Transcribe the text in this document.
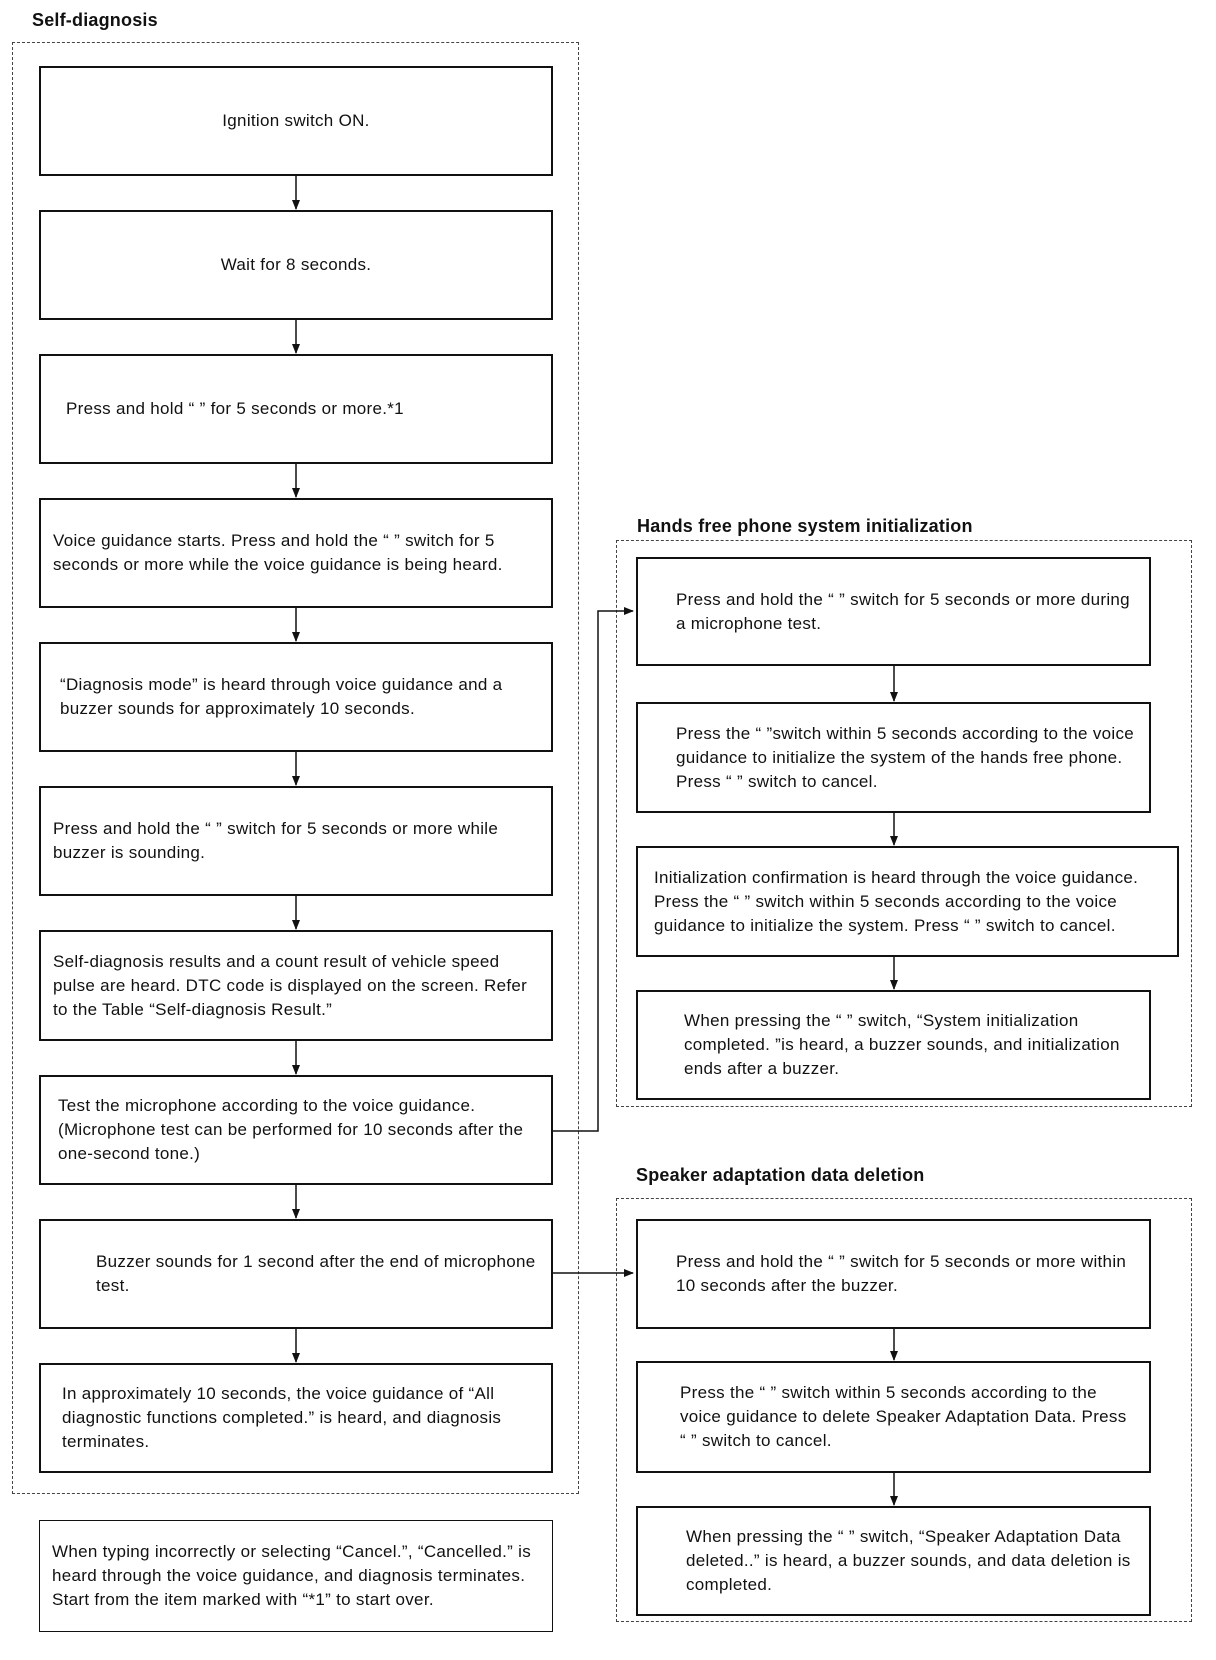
Self-diagnosis
Hands free phone system initialization
Speaker adaptation data deletion
Ignition switch ON.
Wait for 8 seconds.
Press and hold “ ” for 5 seconds or more.*1
Voice guidance starts. Press and hold the “ ” switch for 5 seconds or more while the voice guidance is being heard.
“Diagnosis mode” is heard through voice guidance and a buzzer sounds for approximately 10 seconds.
Press and hold the “ ” switch for 5 seconds or more while buzzer is sounding.
Self-diagnosis results and a count result of vehicle speed pulse are heard. DTC code is displayed on the screen. Refer to the Table “Self-diagnosis Result.”
Test the microphone according to the voice guidance. (Microphone test can be performed for 10 seconds after the one-second tone.)
Buzzer sounds for 1 second after the end of microphone test.
In approximately 10 seconds, the voice guidance of “All diagnostic functions completed.” is heard, and diagnosis terminates.
When typing incorrectly or selecting “Cancel.”, “Cancelled.” is heard through the voice guidance, and diagnosis terminates. Start from the item marked with “*1” to start over.
Press and hold the “ ” switch for 5 seconds or more during a microphone test.
Press the “ ”switch within 5 seconds according to the voice guidance to initialize the system of the hands free phone. Press “ ” switch to cancel.
Initialization confirmation is heard through the voice guidance. Press the “ ” switch within 5 seconds according to the voice guidance to initialize the system. Press “ ” switch to cancel.
When pressing the “ ” switch, “System initialization completed. ”is heard, a buzzer sounds, and initialization ends after a buzzer.
Press and hold the “ ” switch for 5 seconds or more within 10 seconds after the buzzer.
Press the “ ” switch within 5 seconds according to the voice guidance to delete Speaker Adaptation Data. Press “ ” switch to cancel.
When pressing the “ ” switch, “Speaker Adaptation Data deleted..” is heard, a buzzer sounds, and data deletion is completed.
